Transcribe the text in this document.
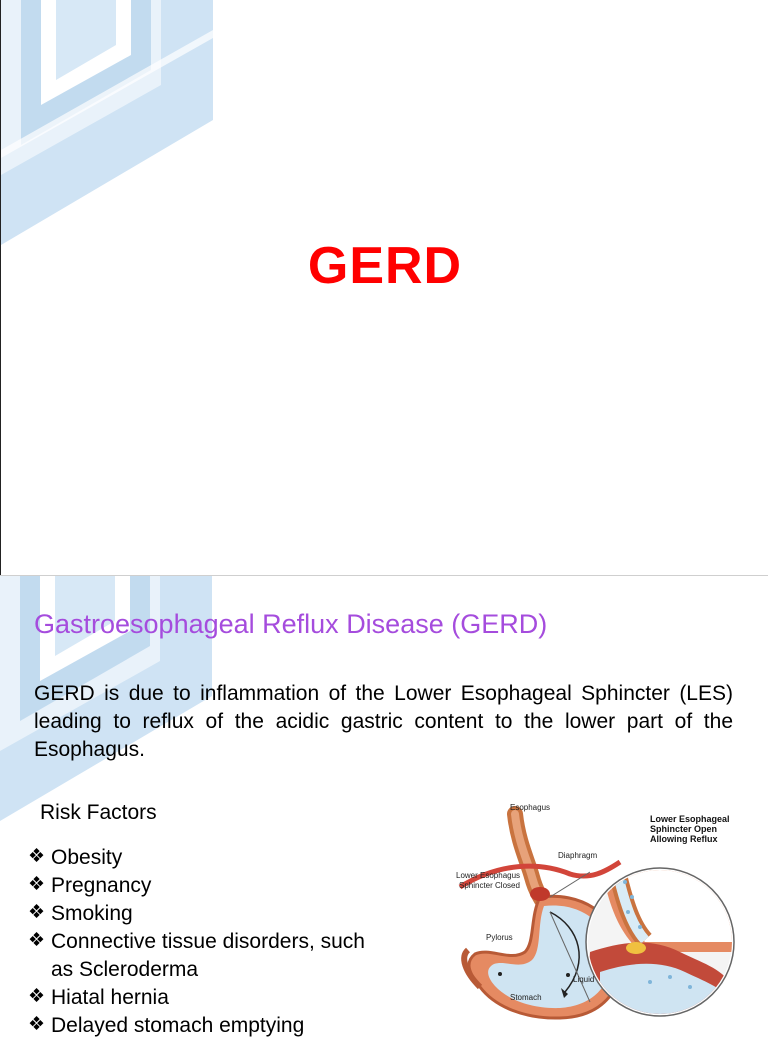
GERD
Gastroesophageal Reflux Disease (GERD)
GERD is due to inflammation of the Lower Esophageal Sphincter (LES) leading to reflux of the acidic gastric content to the lower part of the Esophagus.
Risk Factors
❖ Obesity
❖ Pregnancy
❖ Smoking
❖ Connective tissue disorders, such as Scleroderma
❖ Hiatal hernia
❖ Delayed stomach emptying
Esophagus
Diaphragm
Lower Esophagus
Sphincter Closed
Pylorus
Liquid
Stomach
Lower Esophageal
Sphincter Open
Allowing Reflux
